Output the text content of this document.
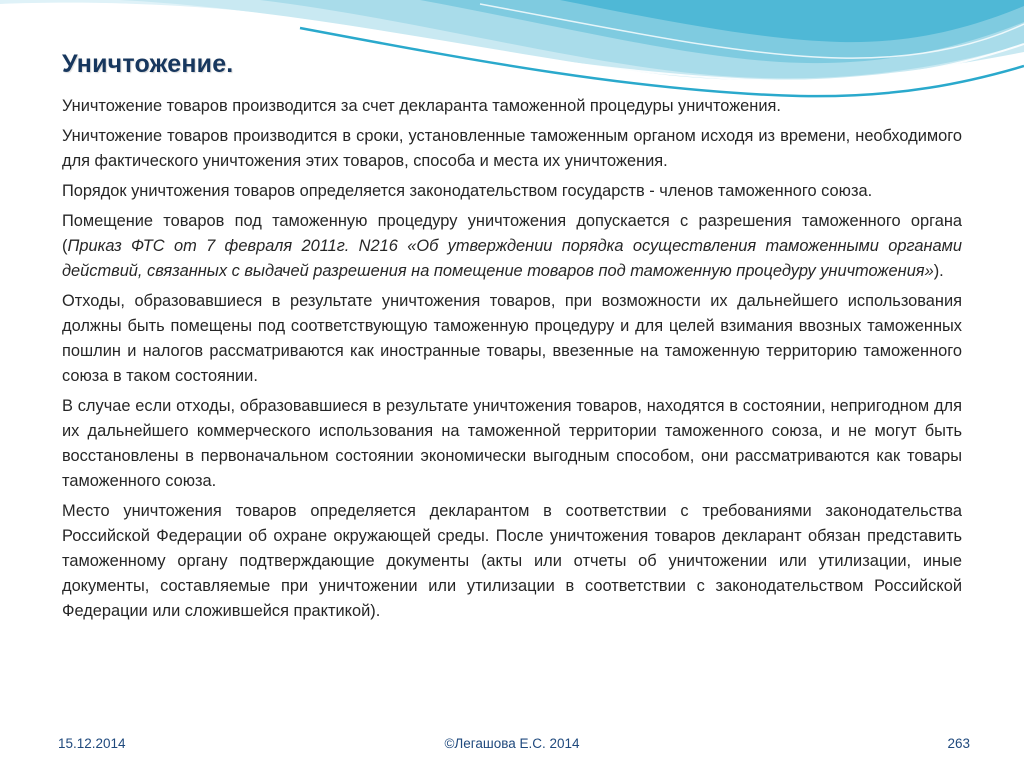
Уничтожение.

Уничтожение товаров производится за счет декларанта таможенной процедуры уничтожения.

Уничтожение товаров производится в сроки, установленные таможенным органом исходя из времени, необходимого для фактического уничтожения этих товаров, способа и места их уничтожения.

Порядок уничтожения товаров определяется законодательством государств - членов таможенного союза.

Помещение товаров под таможенную процедуру уничтожения допускается с разрешения таможенного органа (Приказ ФТС от 7 февраля 2011г. N216 «Об утверждении порядка осуществления таможенными органами действий, связанных с выдачей разрешения на помещение товаров под таможенную процедуру уничтожения»).

Отходы, образовавшиеся в результате уничтожения товаров, при возможности их дальнейшего использования должны быть помещены под соответствующую таможенную процедуру и для целей взимания ввозных таможенных пошлин и налогов рассматриваются как иностранные товары, ввезенные на таможенную территорию таможенного союза в таком состоянии.

В случае если отходы, образовавшиеся в результате уничтожения товаров, находятся в состоянии, непригодном для их дальнейшего коммерческого использования на таможенной территории таможенного союза, и не могут быть восстановлены в первоначальном состоянии экономически выгодным способом, они рассматриваются как товары таможенного союза.

Место уничтожения товаров определяется декларантом в соответствии с требованиями законодательства Российской Федерации об охране окружающей среды. После уничтожения товаров декларант обязан представить таможенному органу подтверждающие документы (акты или отчеты об уничтожении или утилизации, иные документы, составляемые при уничтожении или утилизации в соответствии с законодательством Российской Федерации или сложившейся практикой).

15.12.2014	©Легашова Е.С. 2014	263
